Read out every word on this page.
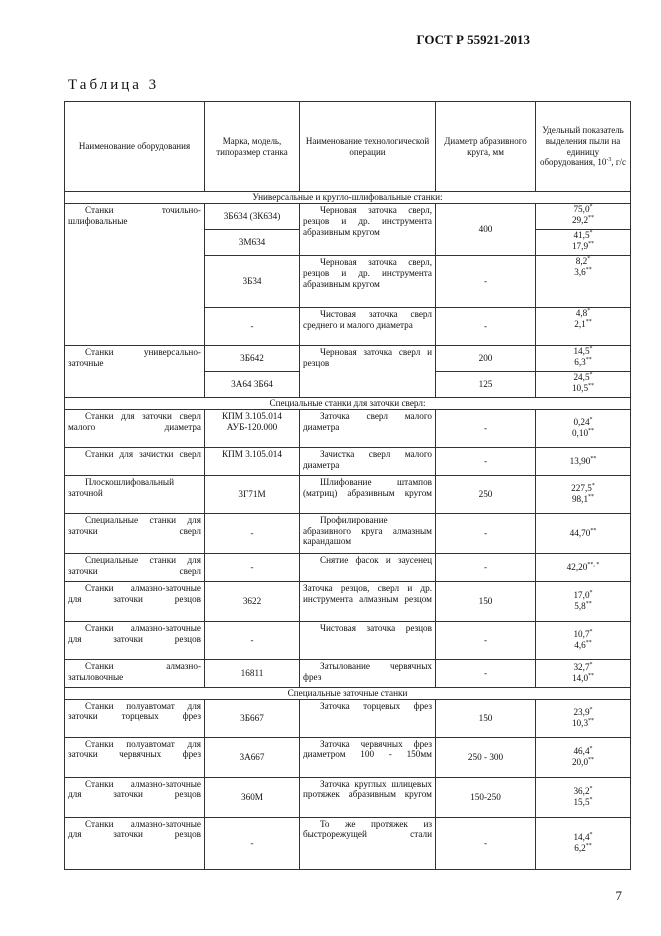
ГОСТ Р 55921-2013
Таблица 3
7
Наименование оборудования	Марка, модель, типоразмер станка	Наименование технологической операции	Диаметр абразивного круга, мм	Удельный показатель выделения пыли на единицу оборудования, $10^{-3}$, г/с
Универсальные и кругло-шлифовальные станки:				
Станки точильно-шлифовальные	3Б634 (3К634)	Черновая заточка сверл, резцов и др. инструмента абразивным кругом	400	75,0*
29,2**
	3М634			41,5*
17,9**
	3Б34	Черновая заточка сверл, резцов и др. инструмента абразивным кругом	-	8,2*
3,6**
	-	Чистовая заточка сверл среднего и малого диаметра	-	4,8*
2,1**
Станки универсально-заточные	3Б642	Черновая заточка сверл и резцов	200	14,5*
6,3**
	3А64 3Б64		125	24,5*
10,5**
Специальные станки для заточки сверл:				
Станки для заточки сверл малого диаметра	КПМ 3.105.014 АУБ-120.000	Заточка сверл малого диаметра	-	0,24*
0,10**
Станки для зачистки сверл	КПМ 3.105.014	Зачистка сверл малого диаметра	-	13,90**
Плоскошлифовальный заточной	3Г71М	Шлифование штампов (матриц) абразивным кругом	250	227,5*
98,1**
Специальные станки для заточки сверл	-	Профилирование абразивного круга алмазным карандашом	-	44,70**
Специальные станки для заточки сверл	-	Снятие фасок и заусенец	-	42,20**, *
Станки алмазно-заточные для заточки резцов	3622	Заточка резцов, сверл и др. инструмента алмазным резцом	150	17,0*
5,8**
Станки алмазно-заточные для заточки резцов	-	Чистовая заточка резцов	-	10,7*
4,6**
Станки алмазно-затыловочные	16811	Затылование червячных фрез	-	32,7*
14,0**
Специальные заточные станки				
Станки полуавтомат для заточки торцевых фрез	3Б667	Заточка торцевых фрез	150	23,9*
10,3**
Станки полуавтомат для заточки червячных фрез	3А667	Заточка червячных фрез диаметром 100 - 150мм	250 - 300	46,4*
20,0**
Станки алмазно-заточные для заточки резцов	360М	Заточка круглых шлицевых протяжек абразивным кругом	150-250	36,2*
15,5*
Станки алмазно-заточные для заточки резцов	-	То же протяжек из быстрорежущей стали	-	14,4*
6,2**
